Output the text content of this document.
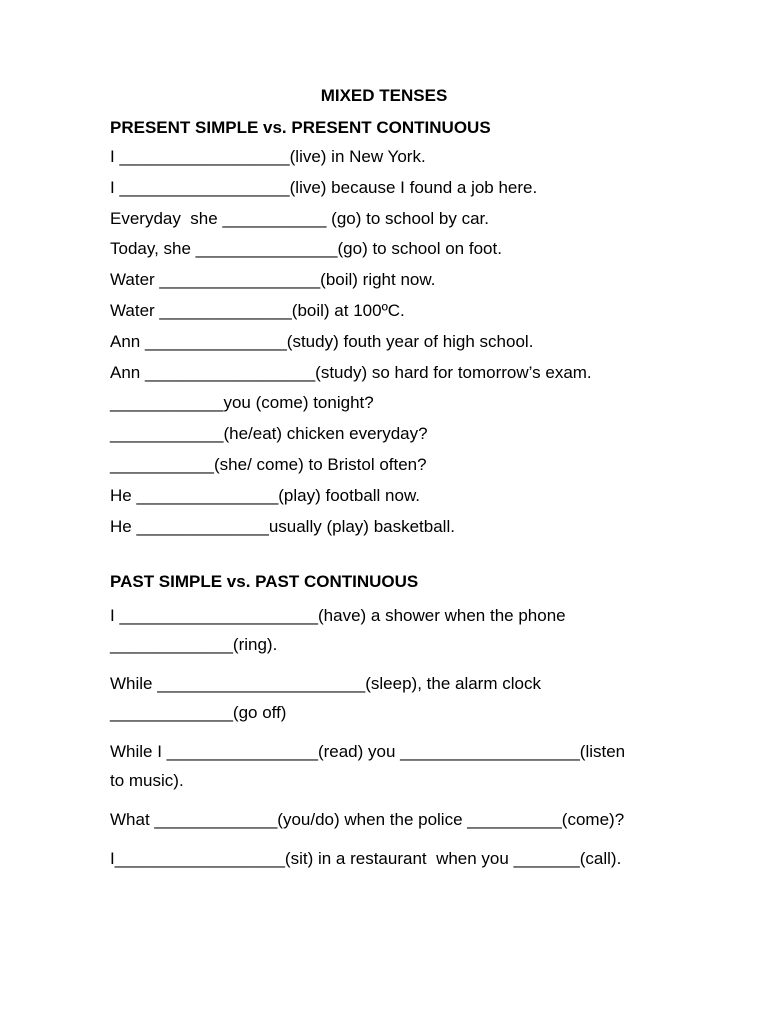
MIXED TENSES
PRESENT SIMPLE vs. PRESENT CONTINUOUS
I __________________(live) in New York.
I __________________(live) because I found a job here.
Everyday  she ___________ (go) to school by car.
Today, she _______________(go) to school on foot.
Water _________________(boil) right now.
Water ______________(boil) at 100ºC.
Ann _______________(study) fouth year of high school.
Ann __________________(study) so hard for tomorrow’s exam.
____________you (come) tonight?
____________(he/eat) chicken everyday?
___________(she/ come) to Bristol often?
He _______________(play) football now.
He ______________usually (play) basketball.
PAST SIMPLE vs. PAST CONTINUOUS
I _____________________(have) a shower when the phone
_____________(ring).
While ______________________(sleep), the alarm clock
_____________(go off)
While I ________________(read) you ___________________(listen
to music).
What _____________(you/do) when the police __________(come)?
I__________________(sit) in a restaurant  when you _______(call).
